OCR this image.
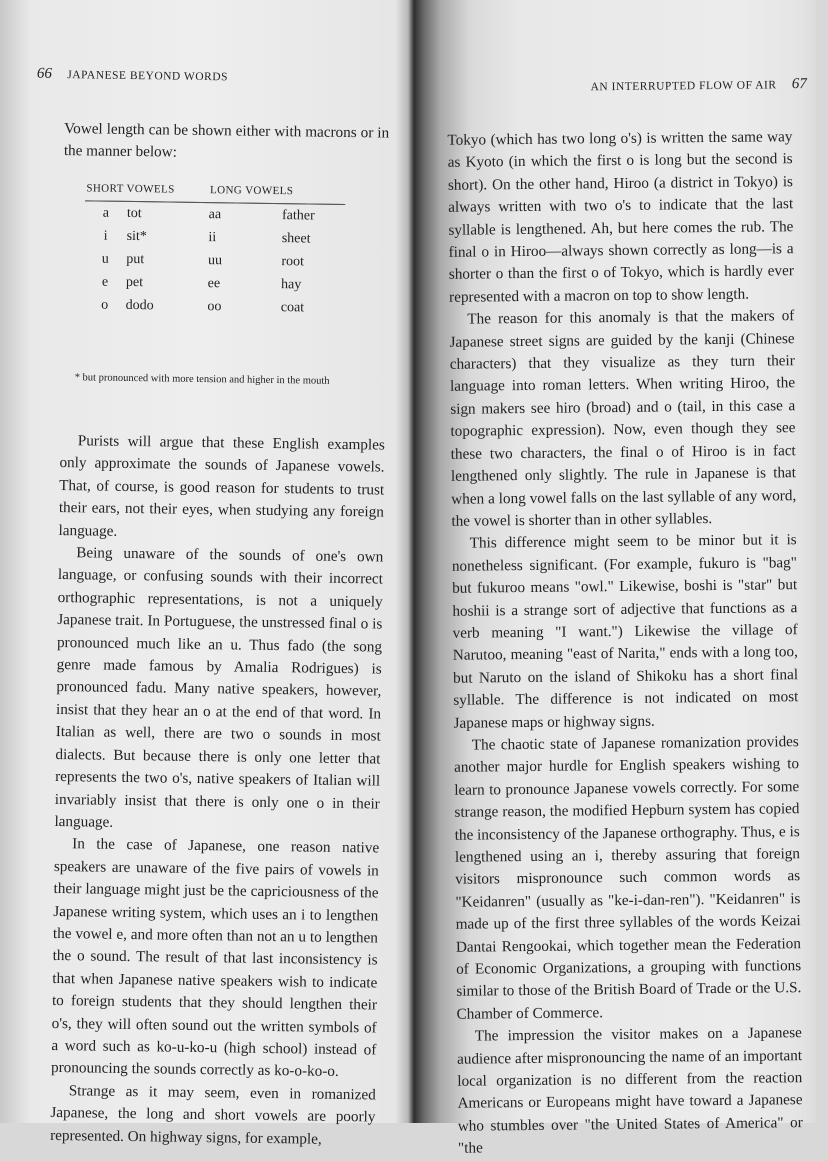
66 JAPANESE BEYOND WORDS

Vowel length can be shown either with macrons or in the manner below:

SHORT VOWELS		LONG VOWELS	
a	tot	aa	father
i	sit*	ii	sheet
u	put	uu	root
e	pet	ee	hay
o	dodo	oo	coat
* but pronounced with more tension and higher in the mouth

Purists will argue that these English examples only approximate the sounds of Japanese vowels. That, of course, is good reason for students to trust their ears, not their eyes, when studying any foreign language.

Being unaware of the sounds of one's own language, or confusing sounds with their incorrect orthographic representations, is not a uniquely Japanese trait. In Portuguese, the unstressed final o is pronounced much like an u. Thus fado (the song genre made famous by Amalia Rodrigues) is pronounced fadu. Many native speakers, however, insist that they hear an o at the end of that word. In Italian as well, there are two o sounds in most dialects. But because there is only one letter that represents the two o's, native speakers of Italian will invariably insist that there is only one o in their language.

In the case of Japanese, one reason native speakers are unaware of the five pairs of vowels in their language might just be the capriciousness of the Japanese writing system, which uses an i to lengthen the vowel e, and more often than not an u to lengthen the o sound. The result of that last inconsistency is that when Japanese native speakers wish to indicate to foreign students that they should lengthen their o's, they will often sound out the written symbols of a word such as ko-u-ko-u (high school) instead of pronouncing the sounds correctly as ko-o-ko-o.

Strange as it may seem, even in romanized Japanese, the long and short vowels are poorly represented. On highway signs, for example,

AN INTERRUPTED FLOW OF AIR 67

Tokyo (which has two long o's) is written the same way as Kyoto (in which the first o is long but the second is short). On the other hand, Hiroo (a district in Tokyo) is always written with two o's to indicate that the last syllable is lengthened. Ah, but here comes the rub. The final o in Hiroo—always shown correctly as long—is a shorter o than the first o of Tokyo, which is hardly ever represented with a macron on top to show length.

The reason for this anomaly is that the makers of Japanese street signs are guided by the kanji (Chinese characters) that they visualize as they turn their language into roman letters. When writing Hiroo, the sign makers see hiro (broad) and o (tail, in this case a topographic expression). Now, even though they see these two characters, the final o of Hiroo is in fact lengthened only slightly. The rule in Japanese is that when a long vowel falls on the last syllable of any word, the vowel is shorter than in other syllables.

This difference might seem to be minor but it is nonetheless significant. (For example, fukuro is "bag" but fukuroo means "owl." Likewise, boshi is "star" but hoshii is a strange sort of adjective that functions as a verb meaning "I want.") Likewise the village of Narutoo, meaning "east of Narita," ends with a long too, but Naruto on the island of Shikoku has a short final syllable. The difference is not indicated on most Japanese maps or highway signs.

The chaotic state of Japanese romanization provides another major hurdle for English speakers wishing to learn to pronounce Japanese vowels correctly. For some strange reason, the modified Hepburn system has copied the inconsistency of the Japanese orthography. Thus, e is lengthened using an i, thereby assuring that foreign visitors mispronounce such common words as "Keidanren" (usually as "ke-i-dan-ren"). "Keidanren" is made up of the first three syllables of the words Keizai Dantai Rengookai, which together mean the Federation of Economic Organizations, a grouping with functions similar to those of the British Board of Trade or the U.S. Chamber of Commerce.

The impression the visitor makes on a Japanese audience after mispronouncing the name of an important local organization is no different from the reaction Americans or Europeans might have toward a Japanese who stumbles over "the United States of America" or "the
